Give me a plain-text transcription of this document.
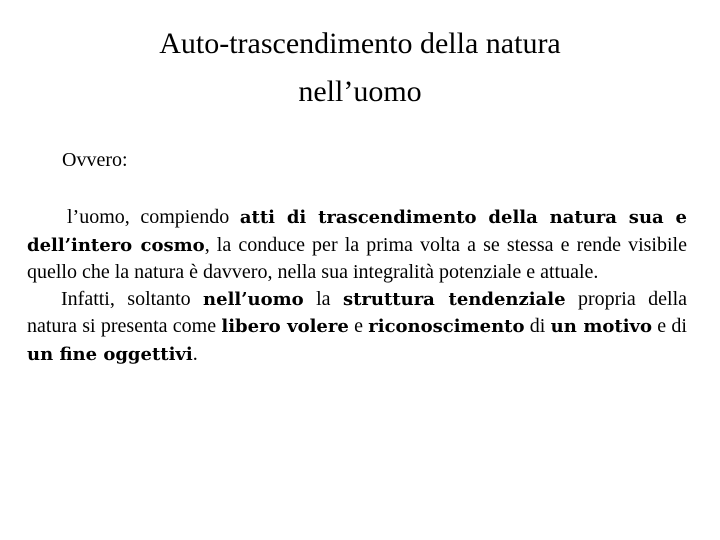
Auto-trascendimento della natura
nell’uomo

Ovvero:

l’uomo, compiendo atti di trascendimento della natura sua e dell’intero cosmo, la conduce per la prima volta a se stessa e rende visibile quello che la natura è davvero, nella sua integralità potenziale e attuale.

Infatti, soltanto nell’uomo la struttura tendenziale propria della natura si presenta come libero volere e riconoscimento di un motivo e di un fine oggettivi.
